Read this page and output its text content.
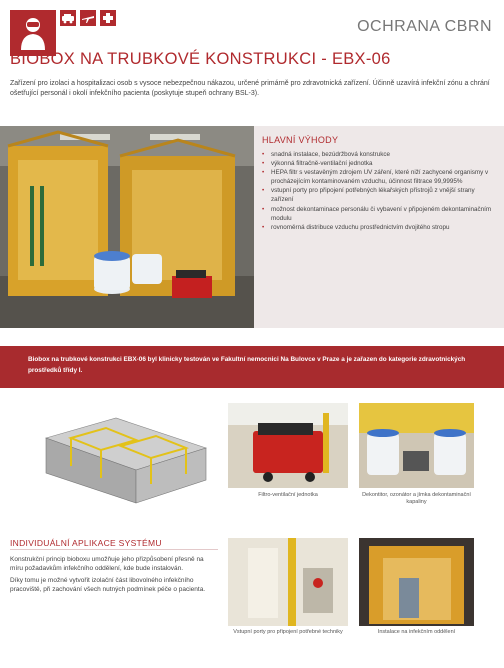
OCHRANA CBRN
BIOBOX NA TRUBKOVÉ KONSTRUKCI - EBX-06
Zařízení pro izolaci a hospitalizaci osob s vysoce nebezpečnou nákazou, určené primárně pro zdravotnická zařízení. Účinně uzavírá infekční zónu a chrání ošetřující personál i okolí infekčního pacienta (poskytuje stupeň ochrany BSL-3).
HLAVNÍ VÝHODY
• snadná instalace, bezúdržbová konstrukce
• výkonná filtračně-ventilační jednotka
• HEPA filtr s vestavěným zdrojem UV záření, které niží zachycené organismy v procházejícím kontaminovaném vzduchu, účinnost filtrace 99,9995%
• vstupní porty pro připojení potřebných lékařských přístrojů z vnější strany zařízení
• možnost dekontaminace personálu či vybavení v připojeném dekontaminačním modulu
• rovnoměrná distribuce vzduchu prostřednictvím dvojitého stropu
Biobox na trubkové konstrukci EBX-06 byl klinicky testován ve Fakultní nemocnici Na Bulovce v Praze a je zařazen do kategorie zdravotnických prostředků třídy I.
Filtro-ventilační jednotka	Dekontitor, ozonátor a jímka dekontaminační kapaliny
INDIVIDUÁLNÍ APLIKACE SYSTÉMU

Konstrukční princip bioboxu umožňuje jeho přizpůsobení přesně na míru požadavkům infekčního oddělení, kde bude instalován.

Díky tomu je možné vytvořit izolační část libovolného infekčního pracoviště, při zachování všech nutných podmínek péče o pacienta.

Vstupní porty pro připojení potřebné techniky	Instalace na infekčním oddělení
